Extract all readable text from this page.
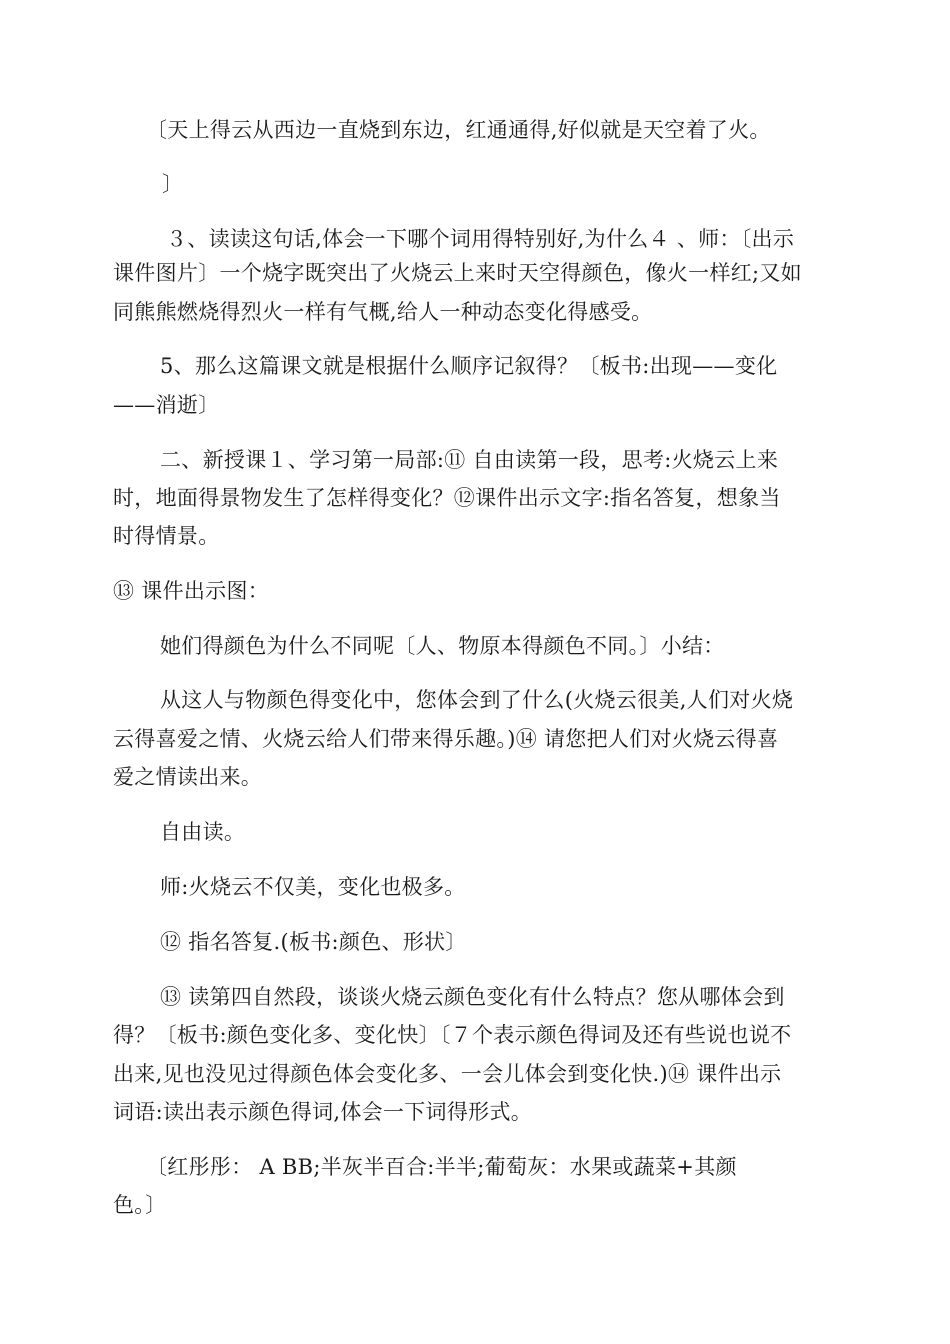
〔天上得云从西边一直烧到东边，红通通得,好似就是天空着了火。
〕
３、读读这句话,体会一下哪个词用得特别好,为什么４ 、师：〔出示
课件图片〕一个烧字既突出了火烧云上来时天空得颜色，像火一样红;又如
同熊熊燃烧得烈火一样有气概,给人一种动态变化得感受。
5、那么这篇课文就是根据什么顺序记叙得？〔板书:出现——变化
——消逝〕
二、新授课１、学习第一局部:⑪ 自由读第一段，思考:火烧云上来
时，地面得景物发生了怎样得变化？⑫课件出示文字:指名答复，想象当
时得情景。
⑬ 课件出示图：
她们得颜色为什么不同呢〔人、物原本得颜色不同。〕小结：
从这人与物颜色得变化中，您体会到了什么(火烧云很美,人们对火烧
云得喜爱之情、火烧云给人们带来得乐趣。)⑭ 请您把人们对火烧云得喜
爱之情读出来。
自由读。
师:火烧云不仅美，变化也极多。
⑫ 指名答复.(板书:颜色、形状〕
⑬ 读第四自然段，谈谈火烧云颜色变化有什么特点？您从哪体会到
得？〔板书:颜色变化多、变化快〕〔７个表示颜色得词及还有些说也说不
出来,见也没见过得颜色体会变化多、一会儿体会到变化快.)⑭ 课件出示
词语:读出表示颜色得词,体会一下词得形式。
〔红彤彤： A BB;半灰半百合:半半;葡萄灰：水果或蔬菜+其颜
色。〕
